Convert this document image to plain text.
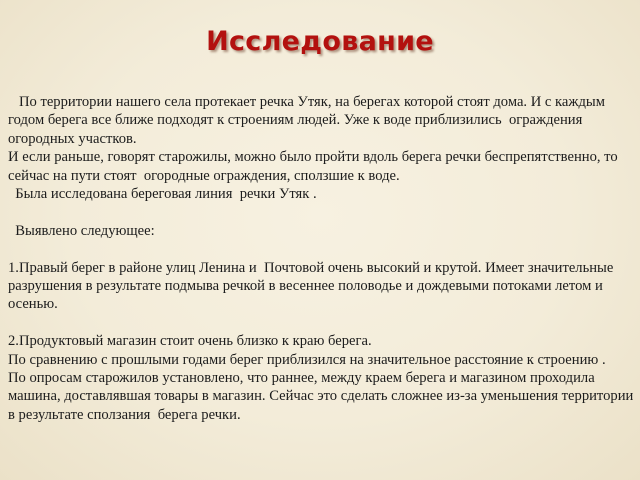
Исследование

По территории нашего села протекает речка Утяк, на берегах которой стоят дома. И с каждым годом берега все ближе подходят к строениям людей. Уже к воде приблизились  ограждения  огородных участков.

И если раньше, говорят старожилы, можно было пройти вдоль берега речки беспрепятственно, то сейчас на пути стоят  огородные ограждения, сползшие к воде.

Была исследована береговая линия  речки Утяк .

Выявлено следующее:

1.Правый берег в районе улиц Ленина и  Почтовой очень высокий и крутой. Имеет значительные разрушения в результате подмыва речкой в весеннее половодье и дождевыми потоками летом и осенью.

2.Продуктовый магазин стоит очень близко к краю берега.

По сравнению с прошлыми годами берег приблизился на значительное расстояние к строению .

По опросам старожилов установлено, что раннее, между краем берега и магазином проходила машина, доставлявшая товары в магазин. Сейчас это сделать сложнее из-за уменьшения территории в результате сползания  берега речки.
